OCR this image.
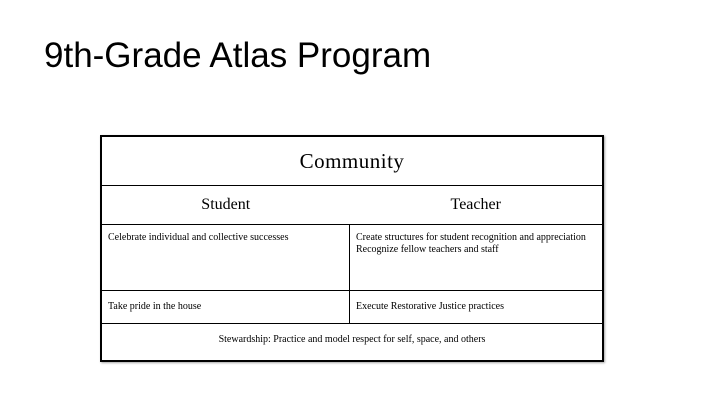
9th-Grade Atlas Program
Community	
Student	Teacher

Celebrate individual and collective successes	Create structures for student recognition and appreciation
Recognize fellow teachers and staff

Take pride in the house	Execute Restorative Justice practices

Stewardship: Practice and model respect for self, space, and others	
